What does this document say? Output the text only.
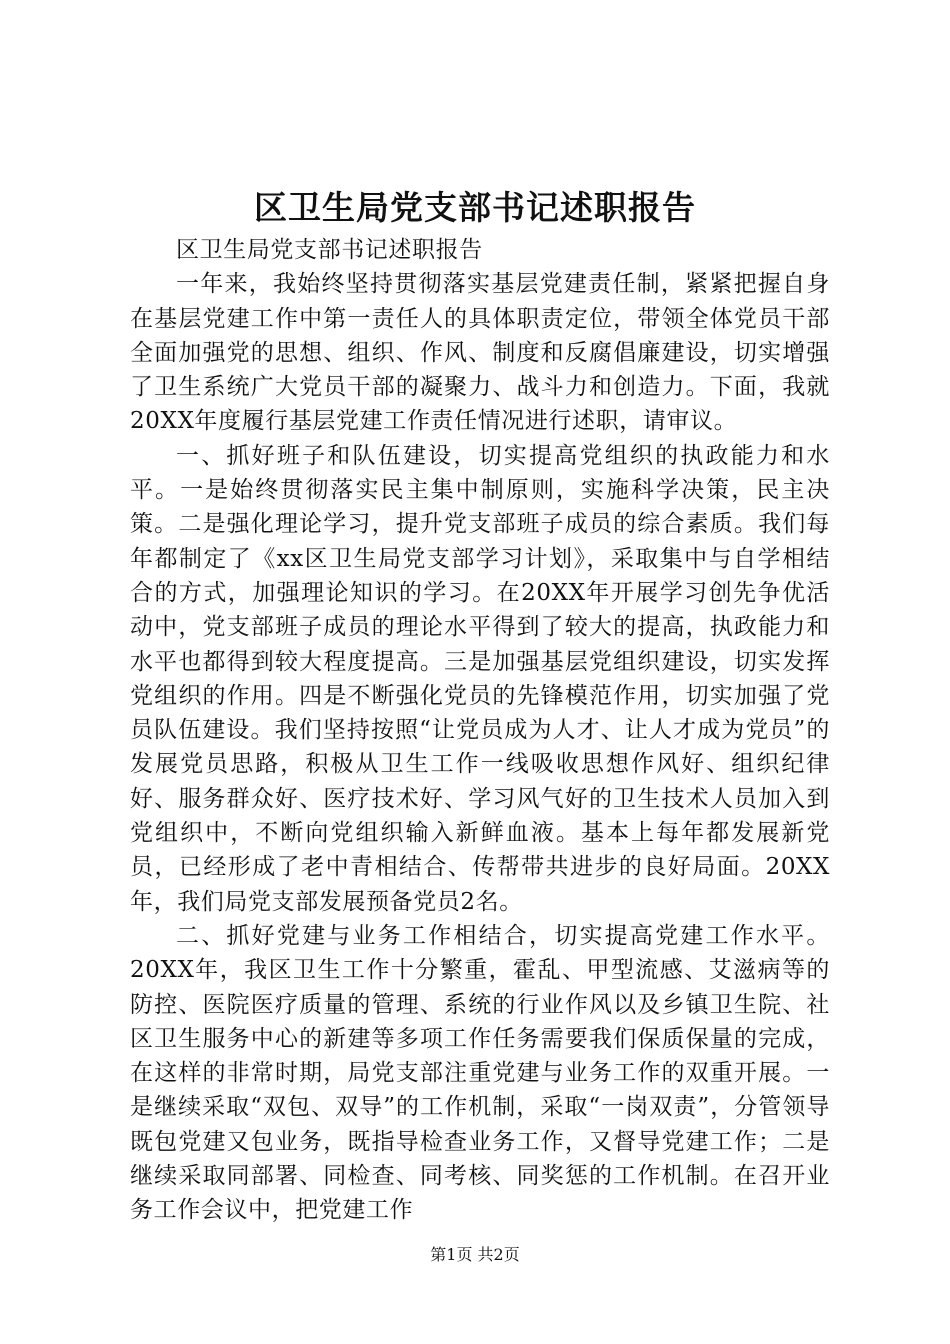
区卫生局党支部书记述职报告

区卫生局党支部书记述职报告

一年来，我始终坚持贯彻落实基层党建责任制，紧紧把握自身在基层党建工作中第一责任人的具体职责定位，带领全体党员干部全面加强党的思想、组织、作风、制度和反腐倡廉建设，切实增强了卫生系统广大党员干部的凝聚力、战斗力和创造力。下面，我就20XX年度履行基层党建工作责任情况进行述职，请审议。

一、抓好班子和队伍建设，切实提高党组织的执政能力和水平。一是始终贯彻落实民主集中制原则，实施科学决策，民主决策。二是强化理论学习，提升党支部班子成员的综合素质。我们每年都制定了《xx区卫生局党支部学习计划》，采取集中与自学相结合的方式，加强理论知识的学习。在20XX年开展学习创先争优活动中，党支部班子成员的理论水平得到了较大的提高，执政能力和水平也都得到较大程度提高。三是加强基层党组织建设，切实发挥党组织的作用。四是不断强化党员的先锋模范作用，切实加强了党员队伍建设。我们坚持按照“让党员成为人才、让人才成为党员”的发展党员思路，积极从卫生工作一线吸收思想作风好、组织纪律好、服务群众好、医疗技术好、学习风气好的卫生技术人员加入到党组织中，不断向党组织输入新鲜血液。基本上每年都发展新党员，已经形成了老中青相结合、传帮带共进步的良好局面。20XX年，我们局党支部发展预备党员2名。

二、抓好党建与业务工作相结合，切实提高党建工作水平。20XX年，我区卫生工作十分繁重，霍乱、甲型流感、艾滋病等的防控、医院医疗质量的管理、系统的行业作风以及乡镇卫生院、社区卫生服务中心的新建等多项工作任务需要我们保质保量的完成，在这样的非常时期，局党支部注重党建与业务工作的双重开展。一是继续采取“双包、双导”的工作机制，采取“一岗双责”，分管领导既包党建又包业务，既指导检查业务工作，又督导党建工作；二是继续采取同部署、同检查、同考核、同奖惩的工作机制。在召开业务工作会议中，把党建工作

第1页 共2页
